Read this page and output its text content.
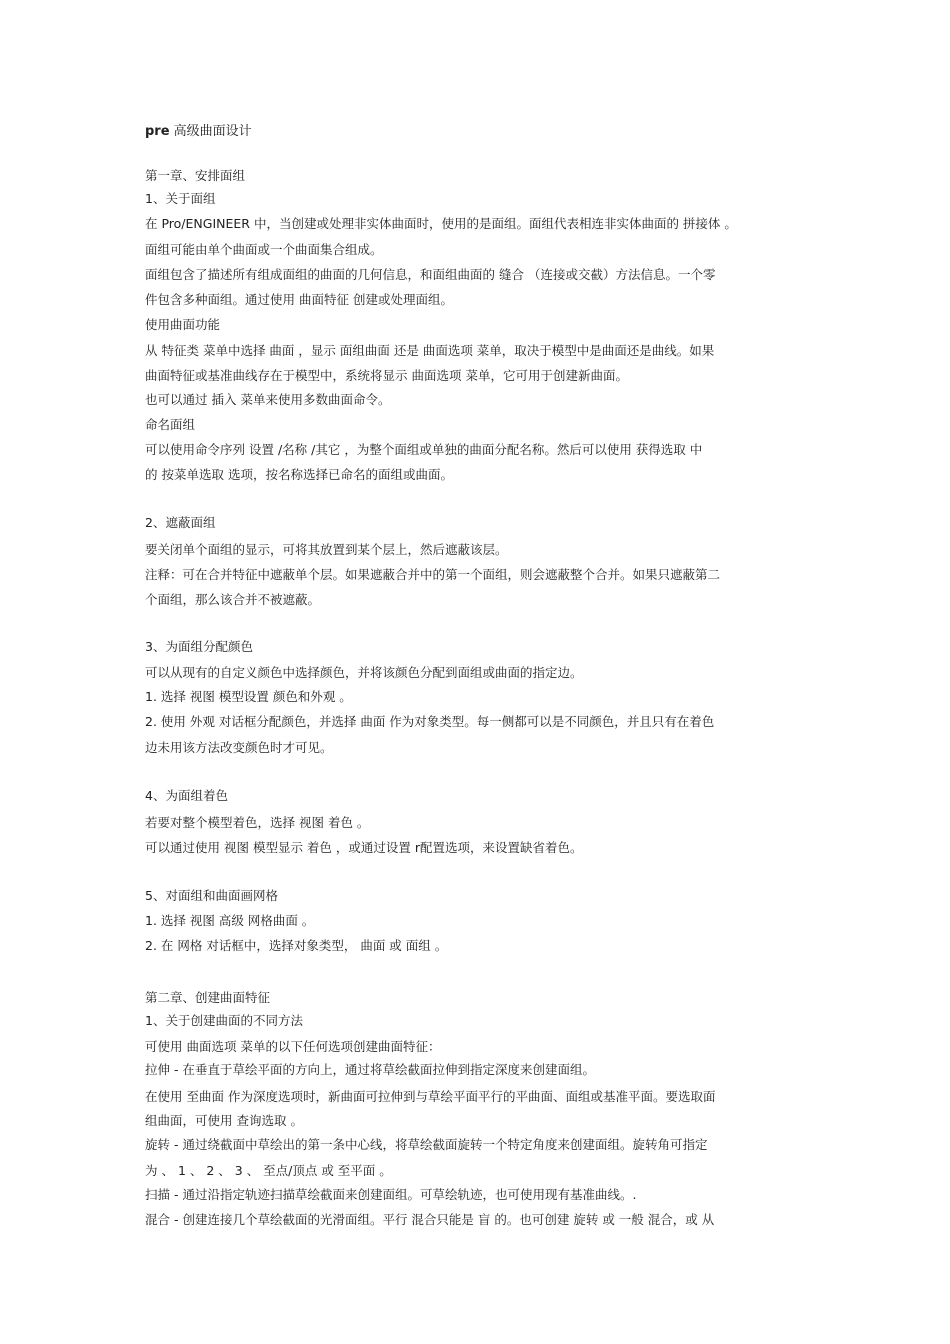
pre 高级曲面设计
第一章、安排面组
1、关于面组
在 Pro/ENGINEER 中，当创建或处理非实体曲面时，使用的是面组。面组代表相连非实体曲面的 拼接体 。
面组可能由单个曲面或一个曲面集合组成。
面组包含了描述所有组成面组的曲面的几何信息，和面组曲面的 缝合 （连接或交截）方法信息。一个零
件包含多种面组。通过使用 曲面特征 创建或处理面组。
使用曲面功能
从 特征类 菜单中选择 曲面 ，显示 面组曲面 还是 曲面选项 菜单，取决于模型中是曲面还是曲线。如果
曲面特征或基准曲线存在于模型中，系统将显示 曲面选项 菜单，它可用于创建新曲面。
也可以通过 插入 菜单来使用多数曲面命令。
命名面组
可以使用命令序列 设置 /名称 /其它 ，为整个面组或单独的曲面分配名称。然后可以使用 获得选取 中
的 按菜单选取 选项，按名称选择已命名的面组或曲面。
2、遮蔽面组
要关闭单个面组的显示，可将其放置到某个层上，然后遮蔽该层。
注释：可在合并特征中遮蔽单个层。如果遮蔽合并中的第一个面组，则会遮蔽整个合并。如果只遮蔽第二
个面组，那么该合并不被遮蔽。
3、为面组分配颜色
可以从现有的自定义颜色中选择颜色，并将该颜色分配到面组或曲面的指定边。
1. 选择 视图 模型设置 颜色和外观 。
2. 使用 外观 对话框分配颜色，并选择 曲面 作为对象类型。每一侧都可以是不同颜色，并且只有在着色
边未用该方法改变颜色时才可见。
4、为面组着色
若要对整个模型着色，选择 视图 着色 。
可以通过使用 视图 模型显示 着色 ，或通过设置 r配置选项，来设置缺省着色。
5、对面组和曲面画网格
1. 选择 视图 高级 网格曲面 。
2. 在 网格 对话框中，选择对象类型， 曲面 或 面组 。
第二章、创建曲面特征
1、关于创建曲面的不同方法
可使用 曲面选项 菜单的以下任何选项创建曲面特征：
拉伸 - 在垂直于草绘平面的方向上，通过将草绘截面拉伸到指定深度来创建面组。
在使用 至曲面 作为深度选项时，新曲面可拉伸到与草绘平面平行的平曲面、面组或基准平面。要选取面
组曲面，可使用 查询选取 。
旋转 - 通过绕截面中草绘出的第一条中心线，将草绘截面旋转一个特定角度来创建面组。旋转角可指定
为 、 1 、 2 、 3 、 至点/顶点 或 至平面 。
扫描 - 通过沿指定轨迹扫描草绘截面来创建面组。可草绘轨迹，也可使用现有基准曲线。.
混合 - 创建连接几个草绘截面的光滑面组。平行 混合只能是 盲 的。也可创建 旋转 或 一般 混合，或 从
